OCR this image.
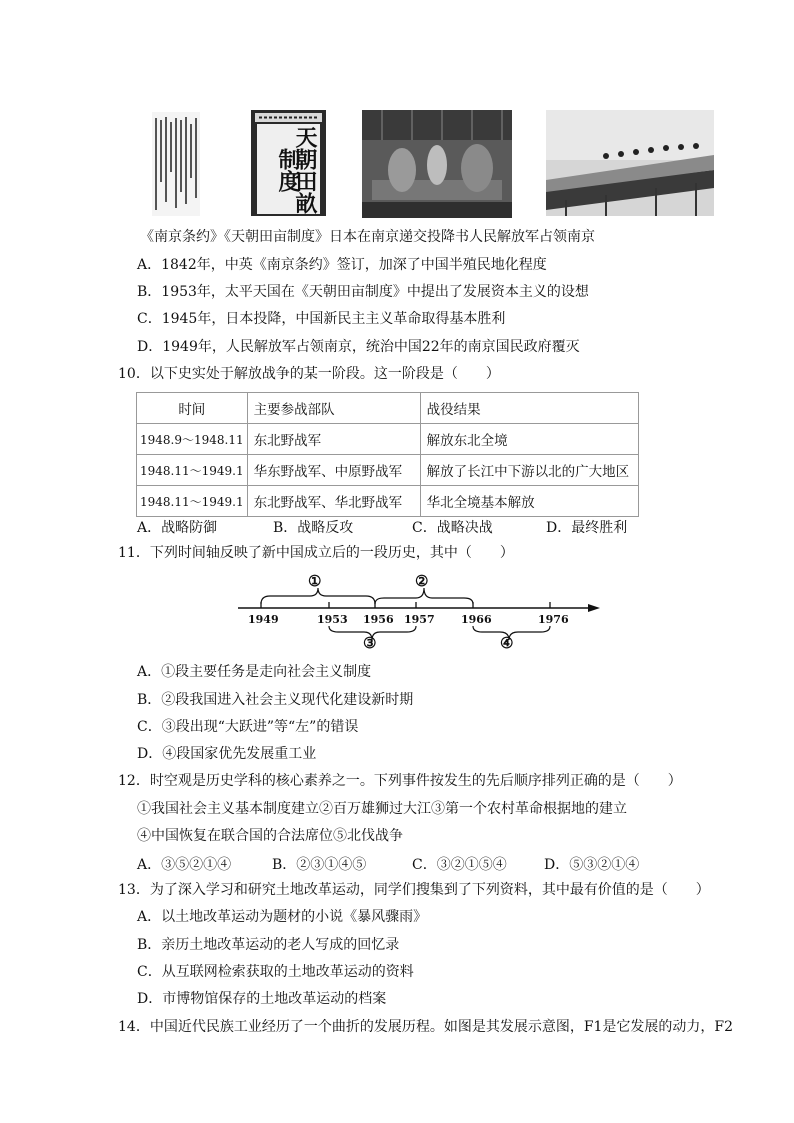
天朝田畝制度
《南京条约》《天朝田亩制度》日本在南京递交投降书人民解放军占领南京
A．1842年，中英《南京条约》签订，加深了中国半殖民地化程度
B．1953年，太平天国在《天朝田亩制度》中提出了发展资本主义的设想
C．1945年，日本投降，中国新民主主义革命取得基本胜利
D．1949年，人民解放军占领南京，统治中国22年的南京国民政府覆灭
10．以下史实处于解放战争的某一阶段。这一阶段是（　　）
时间	主要参战部队	战役结果
1948.9～1948.11	东北野战军	解放东北全境
1948.11～1949.1	华东野战军、中原野战军	解放了长江中下游以北的广大地区
1948.11～1949.1	东北野战军、华北野战军	华北全境基本解放
A．战略防御	B．战略反攻	C．战略决战	D．最终胜利
11．下列时间轴反映了新中国成立后的一段历史，其中（　　）
①	②
③	④
1949	1953 1956 1957 1966	1976
A．①段主要任务是走向社会主义制度
B．②段我国进入社会主义现代化建设新时期
C．③段出现“大跃进”等“左”的错误
D．④段国家优先发展重工业
12．时空观是历史学科的核心素养之一。下列事件按发生的先后顺序排列正确的是（　　）
①我国社会主义基本制度建立②百万雄狮过大江③第一个农村革命根据地的建立
④中国恢复在联合国的合法席位⑤北伐战争
A．③⑤②①④	B．②③①④⑤	C．③②①⑤④	D．⑤③②①④
13．为了深入学习和研究土地改革运动，同学们搜集到了下列资料，其中最有价值的是（　　）
A．以土地改革运动为题材的小说《暴风骤雨》
B．亲历土地改革运动的老人写成的回忆录
C．从互联网检索获取的土地改革运动的资料
D．市博物馆保存的土地改革运动的档案
14．中国近代民族工业经历了一个曲折的发展历程。如图是其发展示意图，F1是它发展的动力，F2
